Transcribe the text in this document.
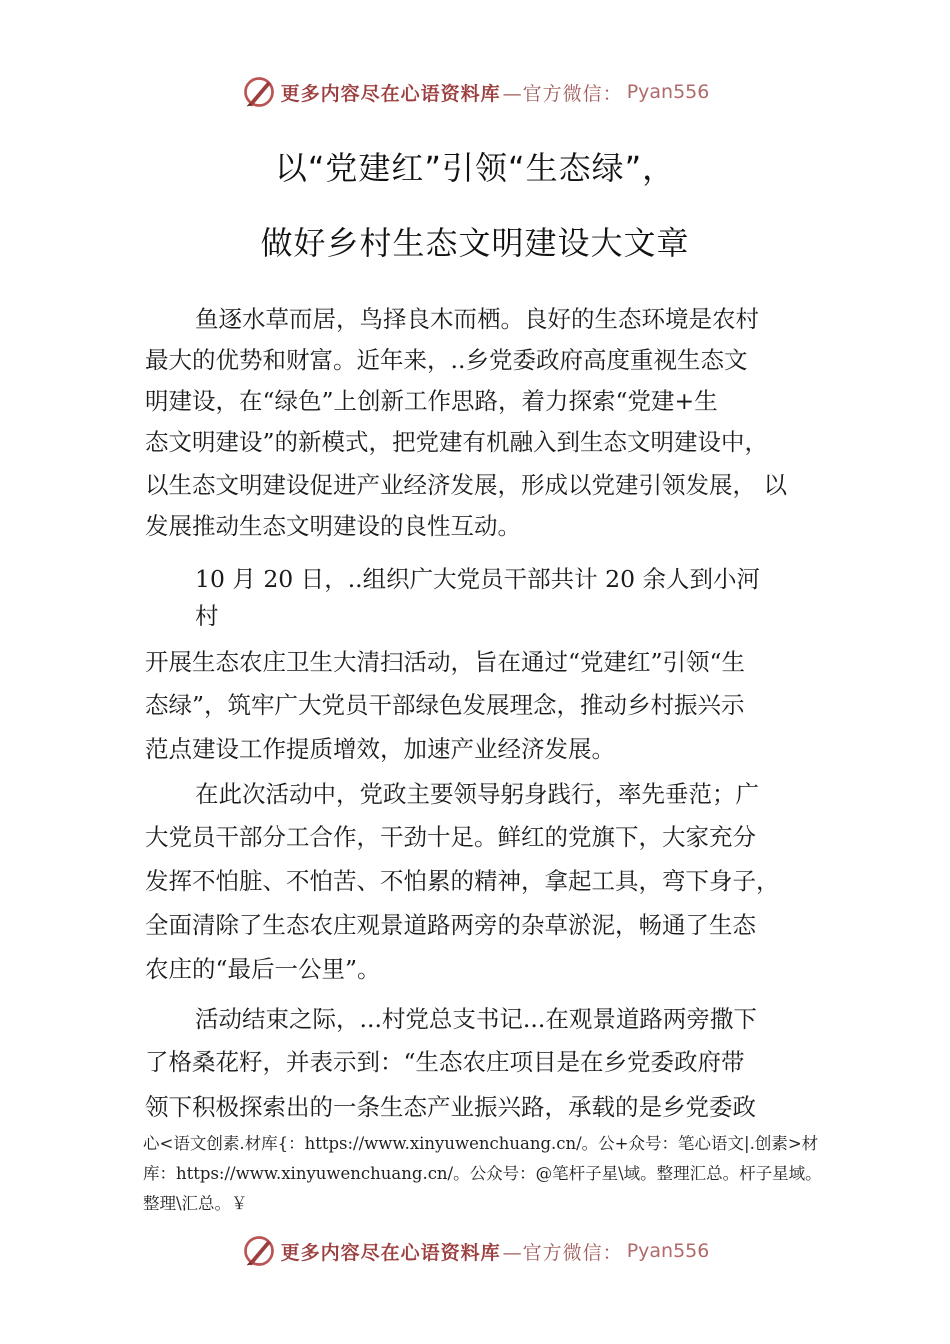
更多内容尽在心语资料库 —官方微信： Pyan556
以“党建红”引领“生态绿”，
做好乡村生态文明建设大文章
鱼逐水草而居，鸟择良木而栖。良好的生态环境是农村
最大的优势和财富。近年来，..乡党委政府高度重视生态文
明建设，在“绿色”上创新工作思路，着力探索“党建+生
态文明建设”的新模式，把党建有机融入到生态文明建设中，
以生态文明建设促进产业经济发展，形成以党建引领发展， 以
发展推动生态文明建设的良性互动。
10 月 20 日，..组织广大党员干部共计 20 余人到小河
村
开展生态农庄卫生大清扫活动，旨在通过“党建红”引领“生
态绿”，筑牢广大党员干部绿色发展理念，推动乡村振兴示
范点建设工作提质增效，加速产业经济发展。
在此次活动中，党政主要领导躬身践行，率先垂范；广
大党员干部分工合作，干劲十足。鲜红的党旗下，大家充分
发挥不怕脏、不怕苦、不怕累的精神，拿起工具，弯下身子，
全面清除了生态农庄观景道路两旁的杂草淤泥，畅通了生态
农庄的“最后一公里”。
活动结束之际，...村党总支书记...在观景道路两旁撒下
了格桑花籽，并表示到：“生态农庄项目是在乡党委政府带
领下积极探索出的一条生态产业振兴路，承载的是乡党委政
心<语文创素.材库{：https://www.xinyuwenchuang.cn/。公+众号：笔心语文|.创素>材库：https://www.xinyuwenchuang.cn/。公众号：@笔杆子星\域。整理汇总。杆子星域。整理\汇总。￥
更多内容尽在心语资料库 —官方微信： Pyan556
